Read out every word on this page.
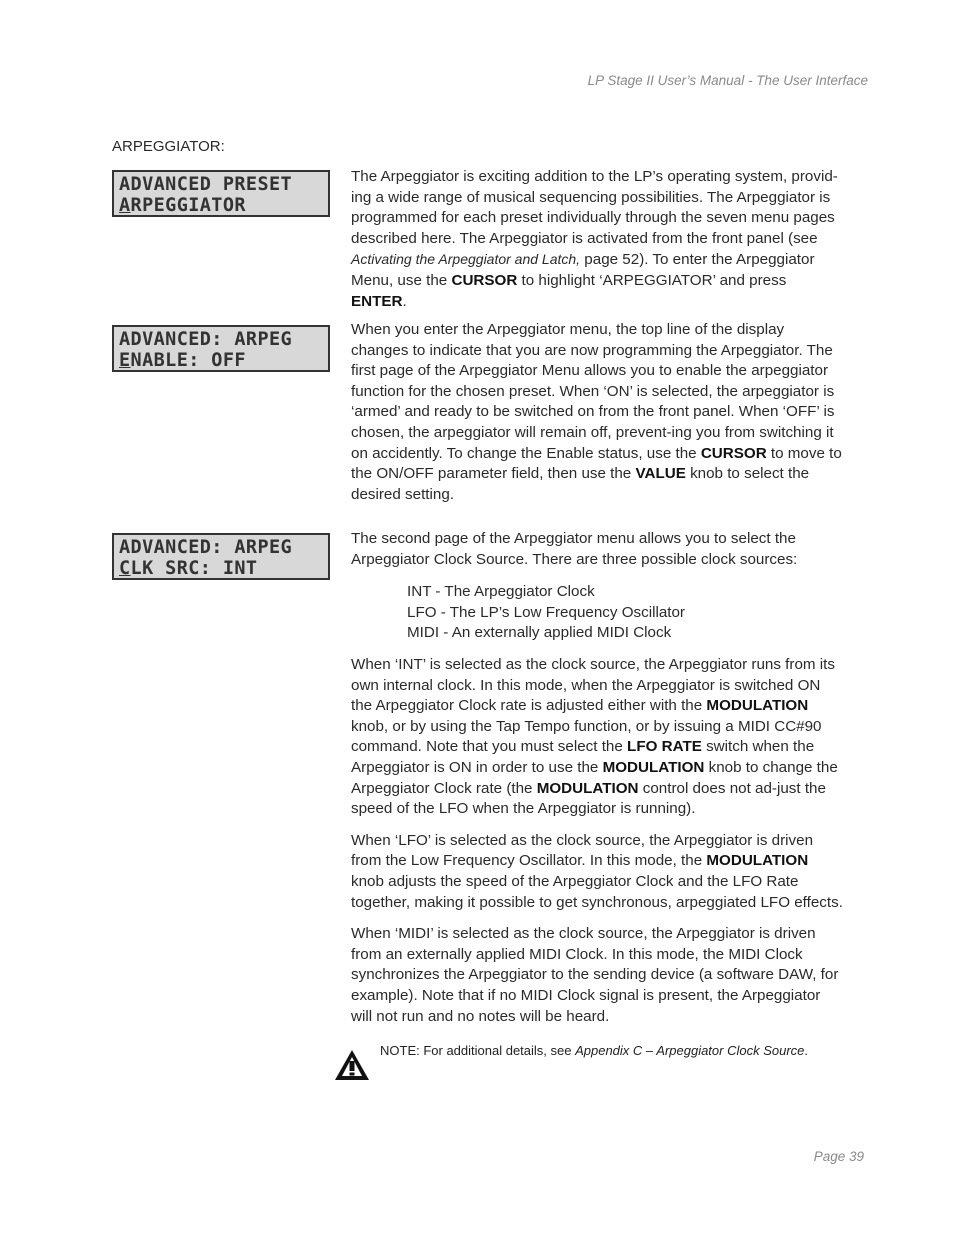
LP Stage II User’s Manual - The User Interface
ARPEGGIATOR:
ADVANCED PRESET
ARPEGGIATOR

The Arpeggiator is exciting addition to the LP’s operating system, provid-ing a wide range of musical sequencing possibilities. The Arpeggiator is programmed for each preset individually through the seven menu pages described here. The Arpeggiator is activated from the front panel (see Activating the Arpeggiator and Latch, page 52). To enter the Arpeggiator Menu, use the CURSOR to highlight ‘ARPEGGIATOR’ and press ENTER.

ADVANCED: ARPEG
ENABLE: OFF

When you enter the Arpeggiator menu, the top line of the display changes to indicate that you are now programming the Arpeggiator. The first page of the Arpeggiator Menu allows you to enable the arpeggiator function for the chosen preset. When ‘ON’ is selected, the arpeggiator is ‘armed’ and ready to be switched on from the front panel. When ‘OFF’ is chosen, the arpeggiator will remain off, prevent-ing you from switching it on accidently. To change the Enable status, use the CURSOR to move to the ON/OFF parameter field, then use the VALUE knob to select the desired setting.

ADVANCED: ARPEG
CLK SRC: INT
The second page of the Arpeggiator menu allows you to select the Arpeggiator Clock Source. There are three possible clock sources:
INT - The Arpeggiator Clock
LFO - The LP’s Low Frequency Oscillator
MIDI - An externally applied MIDI Clock

When ‘INT’ is selected as the clock source, the Arpeggiator runs from its own internal clock. In this mode, when the Arpeggiator is switched ON the Arpeggiator Clock rate is adjusted either with the MODULATION knob, or by using the Tap Tempo function, or by issuing a MIDI CC#90 command. Note that you must select the LFO RATE switch when the Arpeggiator is ON in order to use the MODULATION knob to change the Arpeggiator Clock rate (the MODULATION control does not ad-just the speed of the LFO when the Arpeggiator is running).

When ‘LFO’ is selected as the clock source, the Arpeggiator is driven from the Low Frequency Oscillator. In this mode, the MODULATION knob adjusts the speed of the Arpeggiator Clock and the LFO Rate together, making it possible to get synchronous, arpeggiated LFO effects.

When ‘MIDI’ is selected as the clock source, the Arpeggiator is driven from an externally applied MIDI Clock. In this mode, the MIDI Clock synchronizes the Arpeggiator to the sending device (a software DAW, for example). Note that if no MIDI Clock signal is present, the Arpeggiator will not run and no notes will be heard.

NOTE: For additional details, see Appendix C – Arpeggiator Clock Source.
Page 39
